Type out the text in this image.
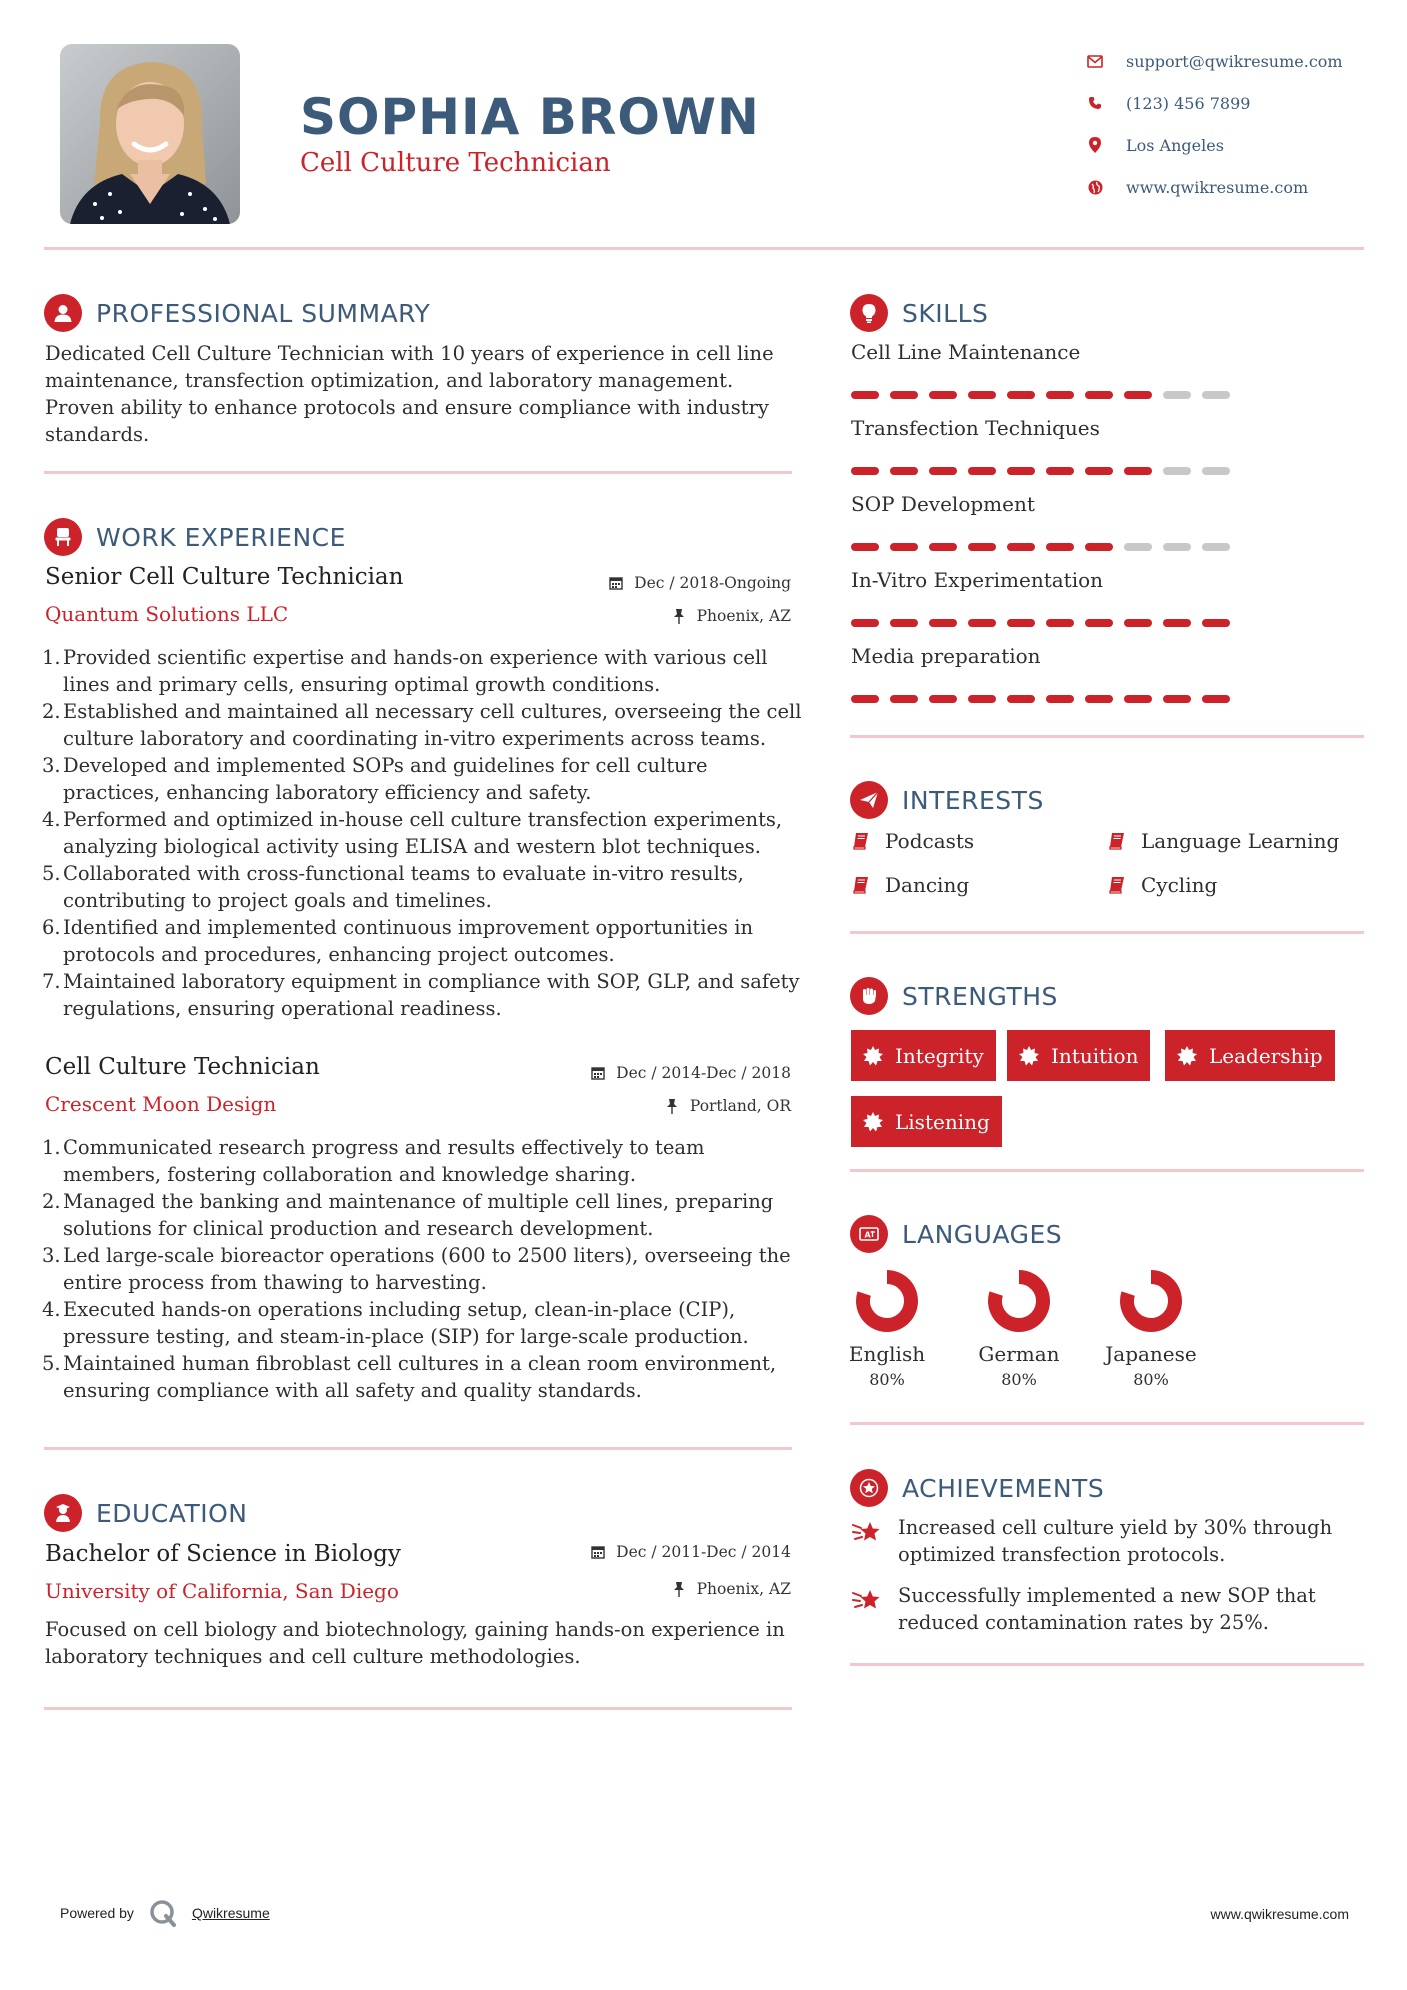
SOPHIA BROWN
Cell Culture Technician
support@qwikresume.com
(123) 456 7899
Los Angeles
www.qwikresume.com
PROFESSIONAL SUMMARY
Dedicated Cell Culture Technician with 10 years of experience in cell line maintenance, transfection optimization, and laboratory management. Proven ability to enhance protocols and ensure compliance with industry standards.
WORK EXPERIENCE
Senior Cell Culture Technician	Dec / 2018-Ongoing
Quantum Solutions LLC	Phoenix, AZ
1. Provided scientific expertise and hands-on experience with various cell lines and primary cells, ensuring optimal growth conditions.
2. Established and maintained all necessary cell cultures, overseeing the cell culture laboratory and coordinating in-vitro experiments across teams.
3. Developed and implemented SOPs and guidelines for cell culture practices, enhancing laboratory efficiency and safety.
4. Performed and optimized in-house cell culture transfection experiments, analyzing biological activity using ELISA and western blot techniques.
5. Collaborated with cross-functional teams to evaluate in-vitro results, contributing to project goals and timelines.
6. Identified and implemented continuous improvement opportunities in protocols and procedures, enhancing project outcomes.
7. Maintained laboratory equipment in compliance with SOP, GLP, and safety regulations, ensuring operational readiness.
Cell Culture Technician	Dec / 2014-Dec / 2018
Crescent Moon Design	Portland, OR
1. Communicated research progress and results effectively to team members, fostering collaboration and knowledge sharing.
2. Managed the banking and maintenance of multiple cell lines, preparing solutions for clinical production and research development.
3. Led large-scale bioreactor operations (600 to 2500 liters), overseeing the entire process from thawing to harvesting.
4. Executed hands-on operations including setup, clean-in-place (CIP), pressure testing, and steam-in-place (SIP) for large-scale production.
5. Maintained human fibroblast cell cultures in a clean room environment, ensuring compliance with all safety and quality standards.
EDUCATION
Bachelor of Science in Biology	Dec / 2011-Dec / 2014
University of California, San Diego	Phoenix, AZ
Focused on cell biology and biotechnology, gaining hands-on experience in laboratory techniques and cell culture methodologies.
SKILLS
Cell Line Maintenance
Transfection Techniques
SOP Development
In-Vitro Experimentation
Media preparation
INTERESTS
Podcasts	Language Learning
Dancing	Cycling
STRENGTHS
Integrity	Intuition	Leadership
Listening
A LANGUAGES
English
80%
German
80%
Japanese
80%
ACHIEVEMENTS
Increased cell culture yield by 30% through optimized transfection protocols.
Successfully implemented a new SOP that reduced contamination rates by 25%.
Powered by	Qwikresume	www.qwikresume.com
